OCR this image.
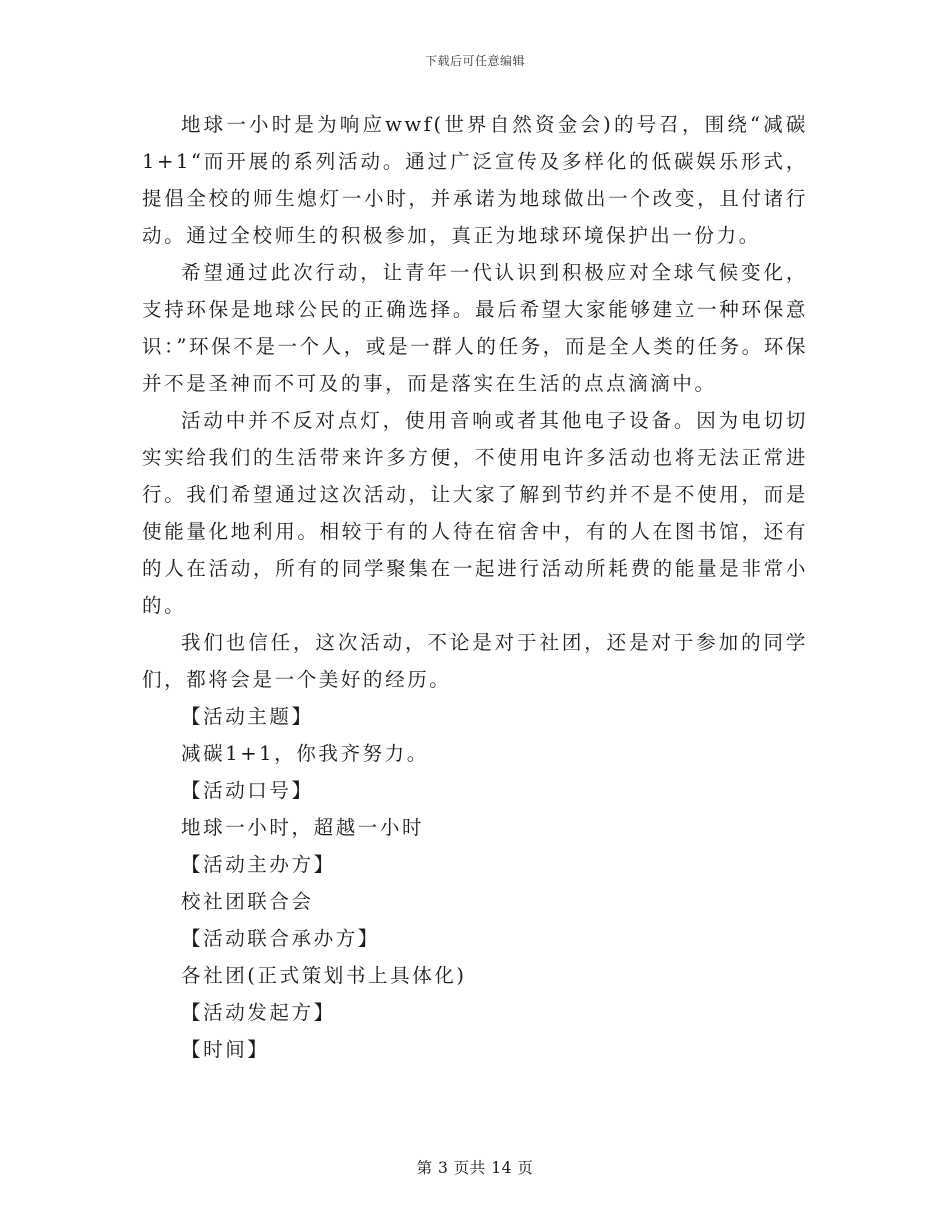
下载后可任意编辑

地球一小时是为响应wwf(世界自然资金会)的号召，围绕“减碳1+1“而开展的系列活动。通过广泛宣传及多样化的低碳娱乐形式，提倡全校的师生熄灯一小时，并承诺为地球做出一个改变，且付诸行动。通过全校师生的积极参加，真正为地球环境保护出一份力。

希望通过此次行动，让青年一代认识到积极应对全球气候变化，支持环保是地球公民的正确选择。最后希望大家能够建立一种环保意识：”环保不是一个人，或是一群人的任务，而是全人类的任务。环保并不是圣神而不可及的事，而是落实在生活的点点滴滴中。

活动中并不反对点灯，使用音响或者其他电子设备。因为电切切实实给我们的生活带来许多方便，不使用电许多活动也将无法正常进行。我们希望通过这次活动，让大家了解到节约并不是不使用，而是使能量化地利用。相较于有的人待在宿舍中，有的人在图书馆，还有的人在活动，所有的同学聚集在一起进行活动所耗费的能量是非常小的。

我们也信任，这次活动，不论是对于社团，还是对于参加的同学们，都将会是一个美好的经历。

【活动主题】

减碳1+1，你我齐努力。

【活动口号】

地球一小时，超越一小时

【活动主办方】

校社团联合会

【活动联合承办方】

各社团(正式策划书上具体化)

【活动发起方】

【时间】

第 3 页共 14 页
